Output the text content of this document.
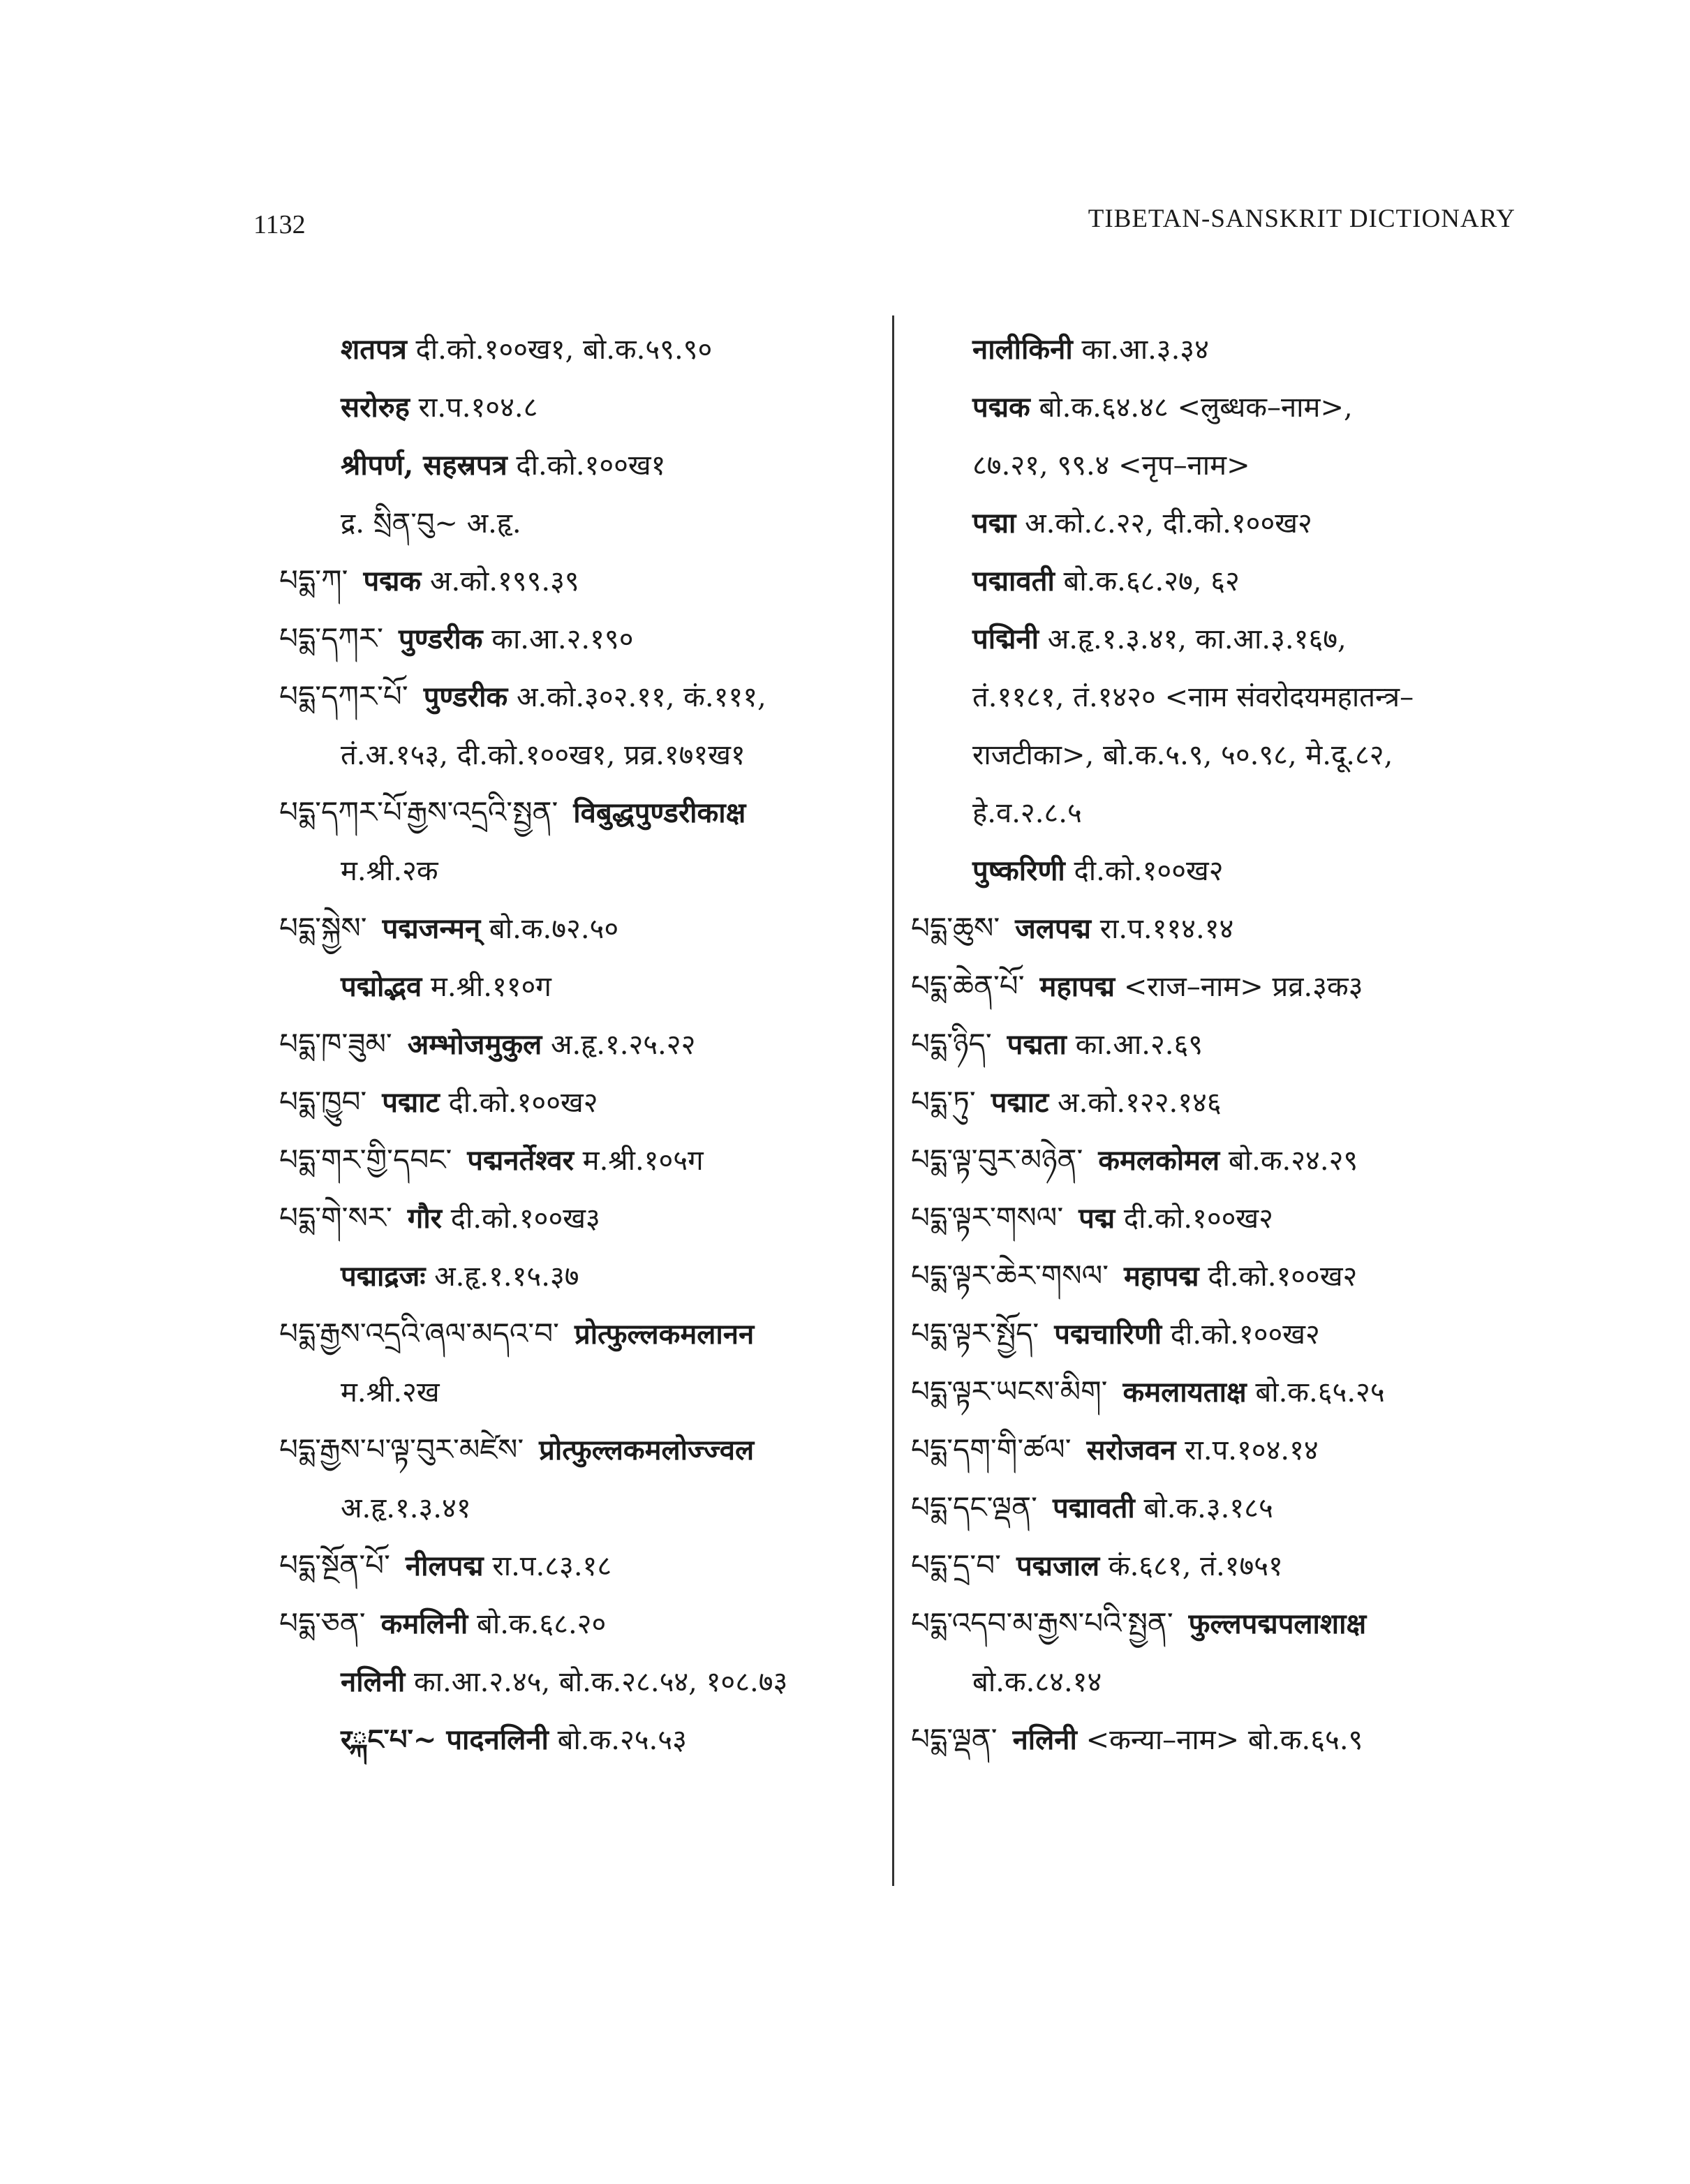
1132	TIBETAN-SANSKRIT DICTIONARY
शतपत्र दी.को.१००ख१, बो.क.५९.९०
सरोरुह रा.प.१०४.८
श्रीपर्ण, सहस्रपत्र दी.को.१००ख१
द्र. སྲིན་བུ~ अ.हृ.
པདྨ་ཀ་ पद्मक अ.को.१९९.३९
པདྨ་དཀར་ पुण्डरीक का.आ.२.१९०
པདྨ་དཀར་པོ་ पुण्डरीक अ.को.३०२.११, कं.१११,
तं.अ.१५३, दी.को.१००ख१, प्रव्र.१७१ख१
པདྨ་དཀར་པོ་རྒྱས་འདྲའི་སྤྱན་ विबुद्धपुण्डरीकाक्ष
म.श्री.२क
པདྨ་སྐྱེས་ पद्मजन्मन् बो.क.७२.५०
पद्मोद्भव म.श्री.११०ग
པདྨ་ཁ་ཟུམ་ अम्भोजमुकुल अ.हृ.१.२५.२२
པདྨ་ཁྱུབ་ पद्माट दी.को.१००ख२
པདྨ་གར་གྱི་དབང་ पद्मनर्तेश्वर म.श्री.१०५ग
པདྨ་གེ་སར་ गौर दी.को.१००ख३
पद्माद्रजः अ.हृ.१.१५.३७
པདྨ་རྒྱས་འདྲའི་ཞལ་མདའ་བ་ प्रोत्फुल्लकमलानन
म.श्री.२ख
པདྨ་རྒྱས་པ་ལྟ་བུར་མཛེས་ प्रोत्फुल्लकमलोज्ज्वल
अ.हृ.१.३.४१
པདྨ་སྔོན་པོ་ नीलपद्म रा.प.८३.१८
པདྨ་ཅན་ कमलिनी बो.क.६८.२०
नलिनी का.आ.२.४५, बो.क.२८.५४, १०८.७३
रྐང་པ་~ पादनलिनी बो.क.२५.५३
नालीकिनी का.आ.३.३४
पद्मक बो.क.६४.४८ <लुब्धक–नाम>,
८७.२१, ९९.४ <नृप–नाम>
पद्मा अ.को.८.२२, दी.को.१००ख२
पद्मावती बो.क.६८.२७, ६२
पद्मिनी अ.हृ.१.३.४१, का.आ.३.१६७,
तं.११८१, तं.१४२० <नाम संवरोदयमहातन्त्र–
राजटीका>, बो.क.५.९, ५०.९८, मे.दू.८२,
हे.व.२.८.५
पुष्करिणी दी.को.१००ख२
པདྨ་ཆུས་ जलपद्म रा.प.११४.१४
པདྨ་ཆེན་པོ་ महापद्म <राज–नाम> प्रव्र.३क३
པདྨ་ཉིད་ पद्मता का.आ.२.६९
པདྨ་ཏུ་ पद्माट अ.को.१२२.१४६
པདྨ་ལྟ་བུར་མཉེན་ कमलकोमल बो.क.२४.२९
པདྨ་ལྟར་གསལ་ पद्म दी.को.१००ख२
པདྨ་ལྟར་ཆེར་གསལ་ महापद्म दी.को.१००ख२
པདྨ་ལྟར་སྤྱོད་ पद्मचारिणी दी.को.१००ख२
པདྨ་ལྟར་ཡངས་མིག་ कमलायताक्ष बो.क.६५.२५
པདྨ་དག་གི་ཚལ་ सरोजवन रा.प.१०४.१४
པདྨ་དང་ལྡན་ पद्मावती बो.क.३.१८५
པདྨ་དྲ་བ་ पद्मजाल कं.६८१, तं.१७५१
པདྨ་འདབ་མ་རྒྱས་པའི་སྤྱན་ फुल्लपद्मपलाशाक्ष
बो.क.८४.१४
པདྨ་ལྡན་ नलिनी <कन्या–नाम> बो.क.६५.९
